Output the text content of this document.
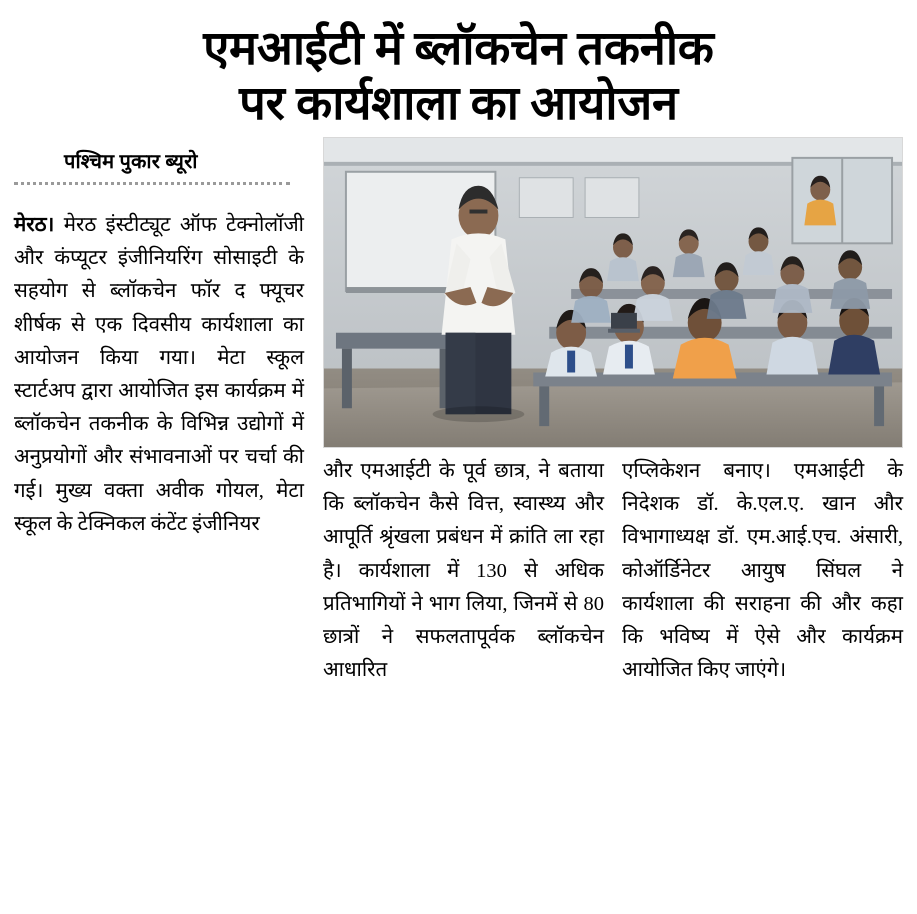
एमआईटी में ब्लॉकचेन तकनीक
पर कार्यशाला का आयोजन
पश्चिम पुकार ब्यूरो

मेरठ। मेरठ इंस्टीट्यूट ऑफ टेक्नोलॉजी और कंप्यूटर इंजीनियरिंग सोसाइटी के सहयोग से ब्लॉकचेन फॉर द फ्यूचर शीर्षक से एक दिवसीय कार्यशाला का आयोजन किया गया। मेटा स्कूल स्टार्टअप द्वारा आयोजित इस कार्यक्रम में ब्लॉकचेन तकनीक के विभिन्न उद्योगों में अनुप्रयोगों और संभावनाओं पर चर्चा की गई। मुख्य वक्ता अवीक गोयल, मेटा स्कूल के टेक्निकल कंटेंट इंजीनियर

और एमआईटी के पूर्व छात्र, ने बताया कि ब्लॉकचेन कैसे वित्त, स्वास्थ्य और आपूर्ति श्रृंखला प्रबंधन में क्रांति ला रहा है। कार्यशाला में 130 से अधिक प्रतिभागियों ने भाग लिया, जिनमें से 80 छात्रों ने सफलतापूर्वक ब्लॉकचेन आधारित

एप्लिकेशन बनाए। एमआईटी के निदेशक डॉ. के.एल.ए. खान और विभागाध्यक्ष डॉ. एम.आई.एच. अंसारी, कोऑर्डिनेटर आयुष सिंघल ने कार्यशाला की सराहना की और कहा कि भविष्य में ऐसे और कार्यक्रम आयोजित किए जाएंगे।
